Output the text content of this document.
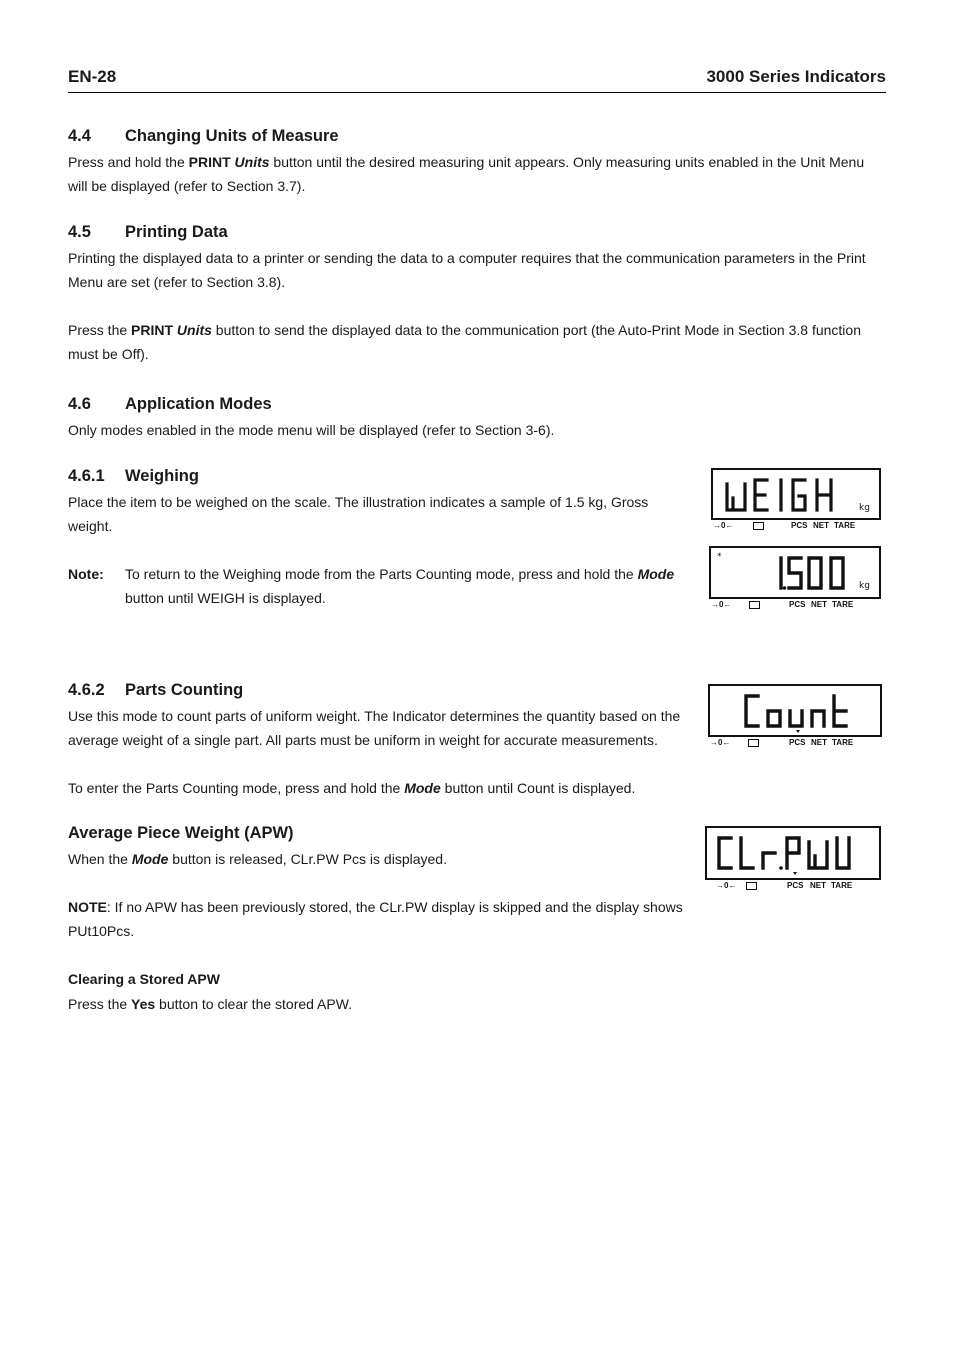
EN-28	3000 Series Indicators
4.4 Changing Units of Measure
Press and hold the PRINT Units button until the desired measuring unit appears. Only measuring units enabled in the Unit Menu
will be displayed (refer to Section 3.7).
4.5 Printing Data
Printing the displayed data to a printer or sending the data to a computer requires that the communication parameters in the Print
Menu are set (refer to Section 3.8).
Press the PRINT Units button to send the displayed data to the communication port (the Auto-Print Mode in Section 3.8 function
must be Off).
4.6 Application Modes
Only modes enabled in the mode menu will be displayed (refer to Section 3-6).
4.6.1 Weighing
Place the item to be weighed on the scale. The illustration indicates a sample of 1.5 kg, Gross
weight.
Note: To return to the Weighing mode from the Parts Counting mode, press and hold the Mode
button until WEIGH is displayed.
4.6.2 Parts Counting
Use this mode to count parts of uniform weight. The Indicator determines the quantity based on the
average weight of a single part. All parts must be uniform in weight for accurate measurements.
To enter the Parts Counting mode, press and hold the Mode button until Count is displayed.
Average Piece Weight (APW)
When the Mode button is released, CLr.PW Pcs is displayed.
NOTE: If no APW has been previously stored, the CLr.PW display is skipped and the display shows
PUt10Pcs.
Clearing a Stored APW
Press the Yes button to clear the stored APW.
kg
→0←	PCS NET TARE
*
kg
→0←	PCS NET TARE
→0←	PCS NET TARE
→0←	PCS NET TARE
